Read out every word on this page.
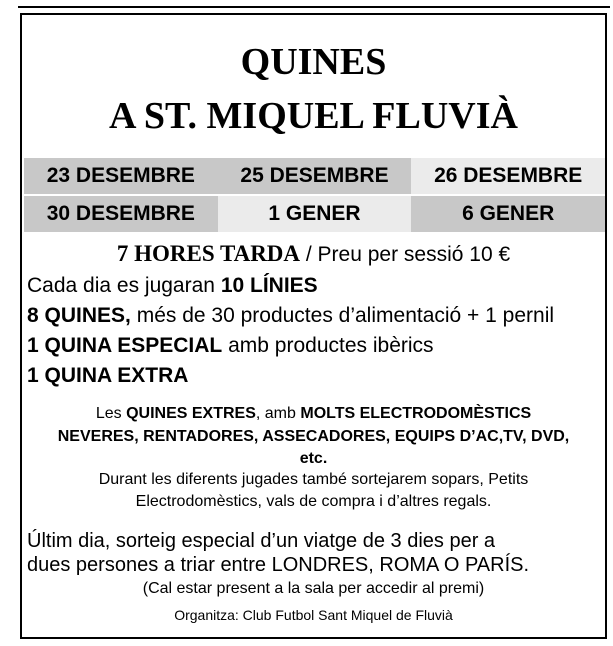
QUINES
A ST. MIQUEL FLUVIÀ
23 DESEMBRE	25 DESEMBRE	26 DESEMBRE
30 DESEMBRE	1 GENER	6 GENER
7 HORES TARDA / Preu per sessió 10 €
Cada dia es jugaran 10 LÍNIES
8 QUINES, més de 30 productes d’alimentació + 1 pernil
1 QUINA ESPECIAL amb productes ibèrics
1 QUINA EXTRA
Les QUINES EXTRES, amb MOLTS ELECTRODOMÈSTICS
NEVERES, RENTADORES, ASSECADORES, EQUIPS D’AC,TV, DVD,
etc.
Durant les diferents jugades també sortejarem sopars, Petits
Electrodomèstics, vals de compra i d’altres regals.
Últim dia, sorteig especial d’un viatge de 3 dies per a
dues persones a triar entre LONDRES, ROMA O PARÍS.
(Cal estar present a la sala per accedir al premi)
Organitza: Club Futbol Sant Miquel de Fluvià
